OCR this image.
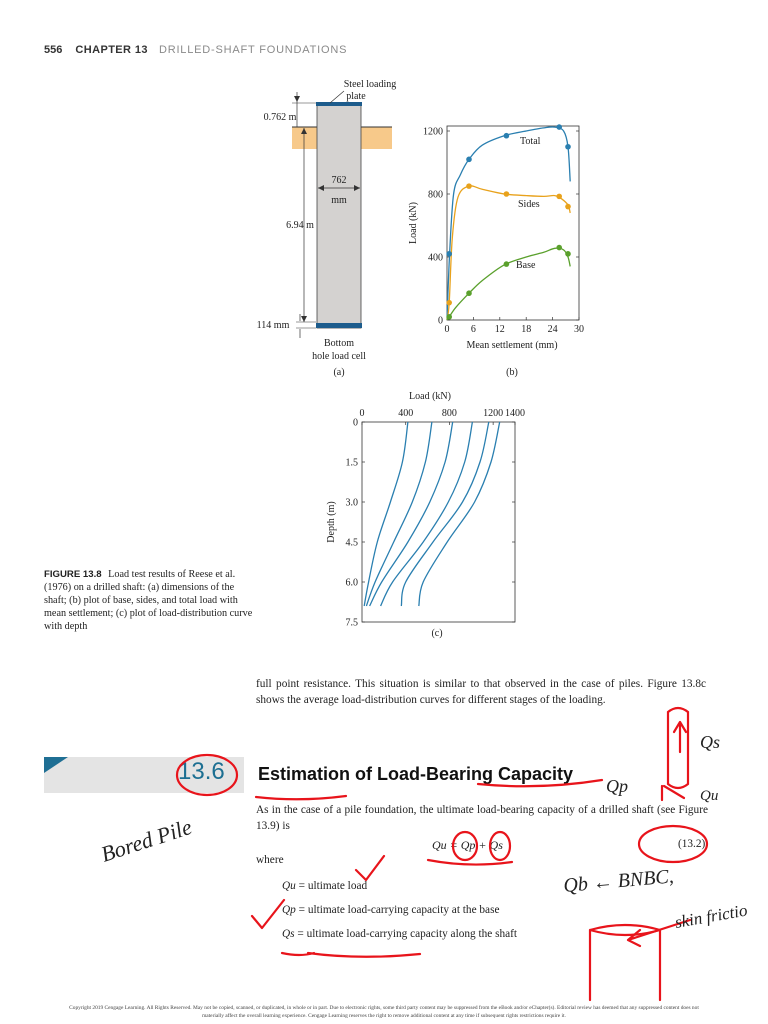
556 CHAPTER 13 DRILLED-SHAFT FOUNDATIONS
Steel loading
plate
0.762 m
6.94 m
114 mm
762
mm
Bottom
hole load cell
(a)
0 6 12 18 24 30
0
400
800
1200
Total
Sides
Base
Mean settlement (mm)
Load (kN)
(b)
0	400	800	1200 1400
0
1.5
3.0
4.5
6.0
7.5
Load (kN)
Depth (m)
(c)
FIGURE 13.8 Load test results of Reese et al. (1976) on a drilled shaft: (a) dimensions of the shaft; (b) plot of base, sides, and total load with mean settlement; (c) plot of load-distribution curve with depth
full point resistance. This situation is similar to that observed in the case of piles. Figure 13.8c shows the average load-distribution curves for different stages of the loading.
13.6 Estimation of Load-Bearing Capacity
As in the case of a pile foundation, the ultimate load-bearing capacity of a drilled shaft (see Figure 13.9) is
Qu = Qp + Qs	(13.2)
where
Qu = ultimate load
Qp = ultimate load-carrying capacity at the base
Qs = ultimate load-carrying capacity along the shaft
Copyright 2019 Cengage Learning. All Rights Reserved. May not be copied, scanned, or duplicated, in whole or in part. Due to electronic rights, some third party content may be suppressed from the eBook and/or eChapter(s). Editorial review has deemed that any suppressed content does not materially affect the overall learning experience. Cengage Learning reserves the right to remove additional content at any time if subsequent rights restrictions require it.
Bored Pile
Qs
Qp	Qu
Qb ← BNBC,
skin frictio
